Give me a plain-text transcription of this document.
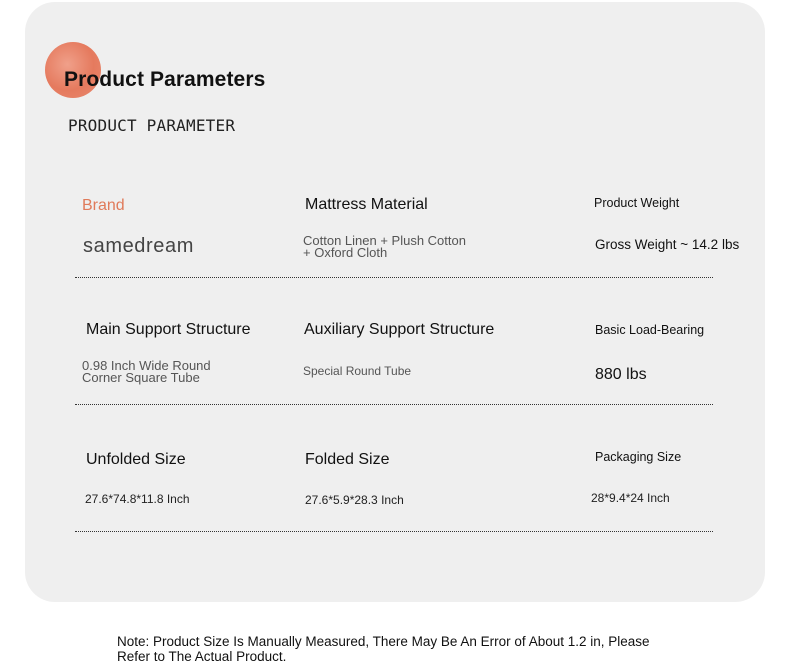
Product Parameters
PRODUCT PARAMETER
Brand
samedream
Mattress Material
Cotton Linen + Plush Cotton
+ Oxford Cloth
Product Weight
Gross Weight ~ 14.2 lbs
Main Support Structure
0.98 Inch Wide Round
Corner Square Tube
Auxiliary Support Structure
Special Round Tube
Basic Load-Bearing
880 lbs
Unfolded Size
27.6*74.8*11.8 Inch
Folded Size
27.6*5.9*28.3 Inch
Packaging Size
28*9.4*24 Inch
Note: Product Size Is Manually Measured, There May Be An Error of About 1.2 in, Please
Refer to The Actual Product.
